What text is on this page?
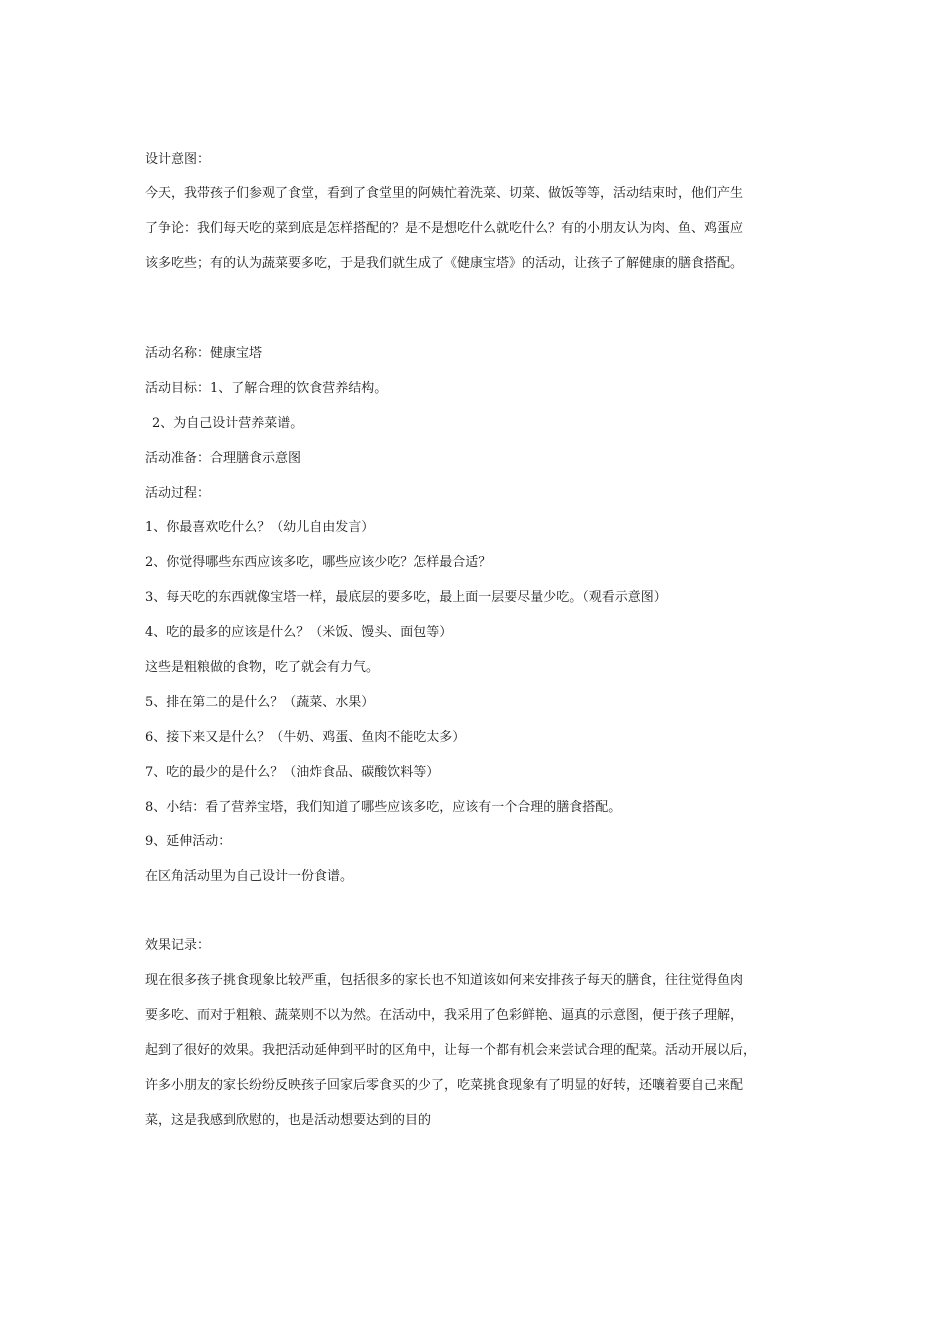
设计意图：
今天，我带孩子们参观了食堂，看到了食堂里的阿姨忙着洗菜、切菜、做饭等等，活动结束时，他们产生
了争论：我们每天吃的菜到底是怎样搭配的？是不是想吃什么就吃什么？有的小朋友认为肉、鱼、鸡蛋应
该多吃些；有的认为蔬菜要多吃，于是我们就生成了《健康宝塔》的活动，让孩子了解健康的膳食搭配。
活动名称：健康宝塔
活动目标：1、了解合理的饮食营养结构。
2、为自己设计营养菜谱。
活动准备：合理膳食示意图
活动过程：
1、你最喜欢吃什么？（幼儿自由发言）
2、你觉得哪些东西应该多吃，哪些应该少吃？怎样最合适？
3、每天吃的东西就像宝塔一样，最底层的要多吃，最上面一层要尽量少吃。（观看示意图）
4、吃的最多的应该是什么？（米饭、馒头、面包等）
这些是粗粮做的食物，吃了就会有力气。
5、排在第二的是什么？（蔬菜、水果）
6、接下来又是什么？（牛奶、鸡蛋、鱼肉不能吃太多）
7、吃的最少的是什么？（油炸食品、碳酸饮料等）
8、小结：看了营养宝塔，我们知道了哪些应该多吃，应该有一个合理的膳食搭配。
9、延伸活动：
在区角活动里为自己设计一份食谱。
效果记录：
现在很多孩子挑食现象比较严重，包括很多的家长也不知道该如何来安排孩子每天的膳食，往往觉得鱼肉
要多吃、而对于粗粮、蔬菜则不以为然。在活动中，我采用了色彩鲜艳、逼真的示意图，便于孩子理解，
起到了很好的效果。我把活动延伸到平时的区角中，让每一个都有机会来尝试合理的配菜。活动开展以后，
许多小朋友的家长纷纷反映孩子回家后零食买的少了，吃菜挑食现象有了明显的好转，还嚷着要自己来配
菜，这是我感到欣慰的，也是活动想要达到的目的
